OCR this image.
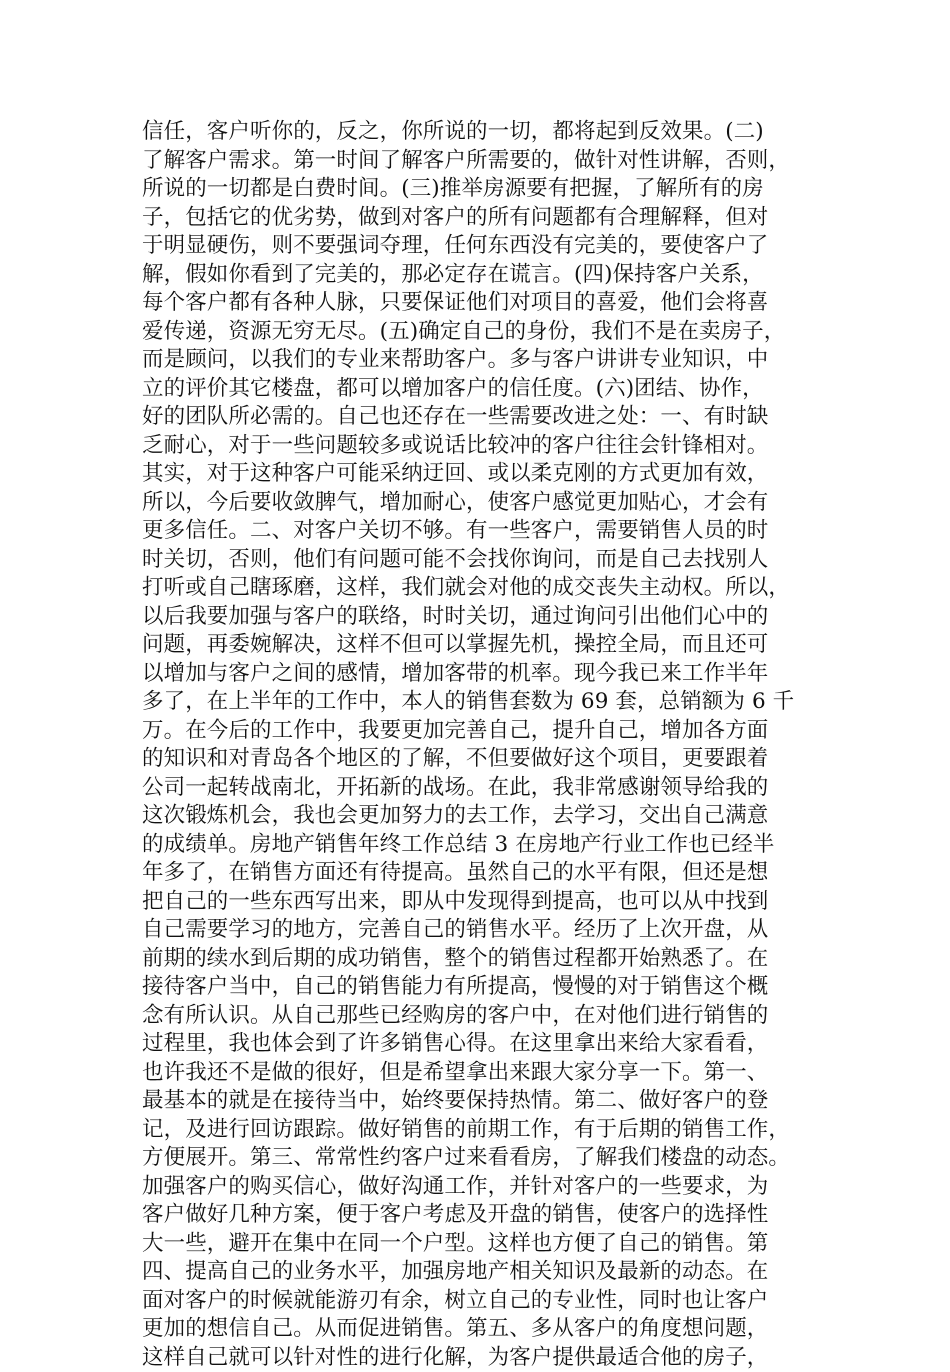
信任，客户听你的，反之，你所说的一切，都将起到反效果。(二)
了解客户需求。第一时间了解客户所需要的，做针对性讲解，否则，
所说的一切都是白费时间。(三)推举房源要有把握，了解所有的房
子，包括它的优劣势，做到对客户的所有问题都有合理解释，但对
于明显硬伤，则不要强词夺理，任何东西没有完美的，要使客户了
解，假如你看到了完美的，那必定存在谎言。(四)保持客户关系，
每个客户都有各种人脉，只要保证他们对项目的喜爱，他们会将喜
爱传递，资源无穷无尽。(五)确定自己的身份，我们不是在卖房子，
而是顾问，以我们的专业来帮助客户。多与客户讲讲专业知识，中
立的评价其它楼盘，都可以增加客户的信任度。(六)团结、协作，
好的团队所必需的。自己也还存在一些需要改进之处：一、有时缺
乏耐心，对于一些问题较多或说话比较冲的客户往往会针锋相对。
其实，对于这种客户可能采纳迂回、或以柔克刚的方式更加有效，
所以，今后要收敛脾气，增加耐心，使客户感觉更加贴心，才会有
更多信任。二、对客户关切不够。有一些客户，需要销售人员的时
时关切，否则，他们有问题可能不会找你询问，而是自己去找别人
打听或自己瞎琢磨，这样，我们就会对他的成交丧失主动权。所以，
以后我要加强与客户的联络，时时关切，通过询问引出他们心中的
问题，再委婉解决，这样不但可以掌握先机，操控全局，而且还可
以增加与客户之间的感情，增加客带的机率。现今我已来工作半年
多了，在上半年的工作中，本人的销售套数为 69 套，总销额为 6 千
万。在今后的工作中，我要更加完善自己，提升自己，增加各方面
的知识和对青岛各个地区的了解，不但要做好这个项目，更要跟着
公司一起转战南北，开拓新的战场。在此，我非常感谢领导给我的
这次锻炼机会，我也会更加努力的去工作，去学习，交出自己满意
的成绩单。房地产销售年终工作总结 3 在房地产行业工作也已经半
年多了，在销售方面还有待提高。虽然自己的水平有限，但还是想
把自己的一些东西写出来，即从中发现得到提高，也可以从中找到
自己需要学习的地方，完善自己的销售水平。经历了上次开盘，从
前期的续水到后期的成功销售，整个的销售过程都开始熟悉了。在
接待客户当中，自己的销售能力有所提高，慢慢的对于销售这个概
念有所认识。从自己那些已经购房的客户中，在对他们进行销售的
过程里，我也体会到了许多销售心得。在这里拿出来给大家看看，
也许我还不是做的很好，但是希望拿出来跟大家分享一下。第一、
最基本的就是在接待当中，始终要保持热情。第二、做好客户的登
记，及进行回访跟踪。做好销售的前期工作，有于后期的销售工作，
方便展开。第三、常常性约客户过来看看房，了解我们楼盘的动态。
加强客户的购买信心，做好沟通工作，并针对客户的一些要求，为
客户做好几种方案，便于客户考虑及开盘的销售，使客户的选择性
大一些，避开在集中在同一个户型。这样也方便了自己的销售。第
四、提高自己的业务水平，加强房地产相关知识及最新的动态。在
面对客户的时候就能游刃有余，树立自己的专业性，同时也让客户
更加的想信自己。从而促进销售。第五、多从客户的角度想问题，
这样自己就可以针对性的进行化解，为客户提供最适合他的房子，
